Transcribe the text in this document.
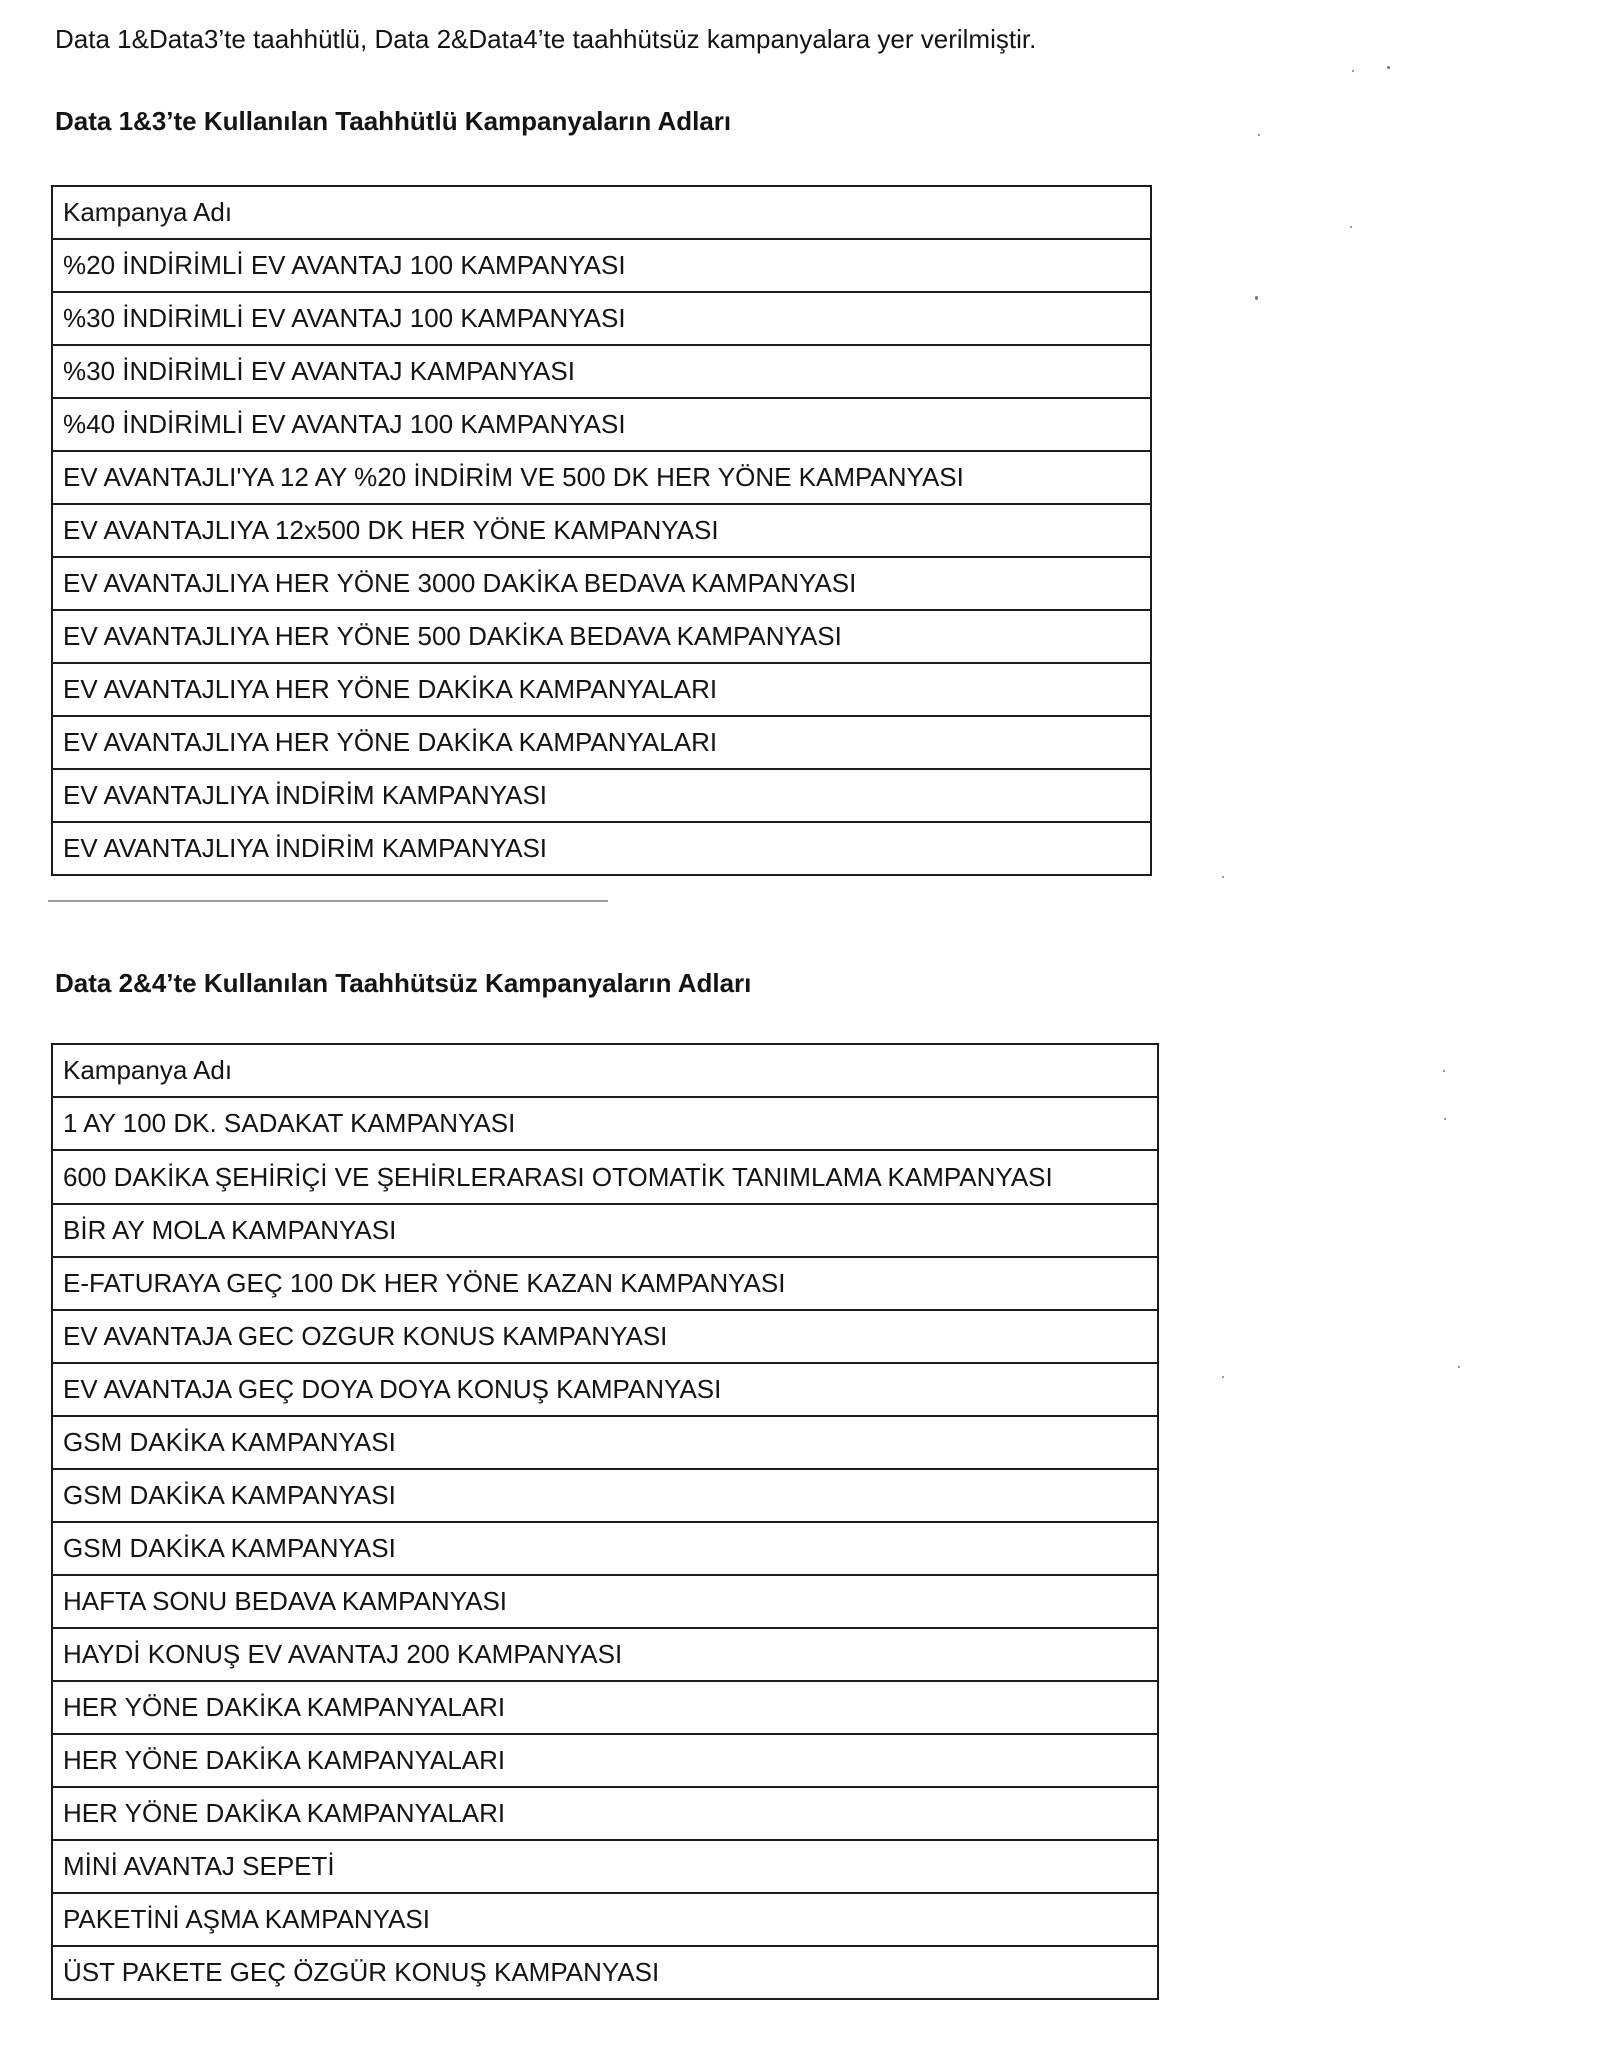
Data 1&Data3’te taahhütlü, Data 2&Data4’te taahhütsüz kampanyalara yer verilmiştir.
Data 1&3’te Kullanılan Taahhütlü Kampanyaların Adları
Kampanya Adı
%20 İNDİRİMLİ EV AVANTAJ 100 KAMPANYASI
%30 İNDİRİMLİ EV AVANTAJ 100 KAMPANYASI
%30 İNDİRİMLİ EV AVANTAJ KAMPANYASI
%40 İNDİRİMLİ EV AVANTAJ 100 KAMPANYASI
EV AVANTAJLI'YA 12 AY %20 İNDİRİM VE 500 DK HER YÖNE KAMPANYASI
EV AVANTAJLIYA 12x500 DK HER YÖNE KAMPANYASI
EV AVANTAJLIYA HER YÖNE 3000 DAKİKA BEDAVA KAMPANYASI
EV AVANTAJLIYA HER YÖNE 500 DAKİKA BEDAVA KAMPANYASI
EV AVANTAJLIYA HER YÖNE DAKİKA KAMPANYALARI
EV AVANTAJLIYA HER YÖNE DAKİKA KAMPANYALARI
EV AVANTAJLIYA İNDİRİM KAMPANYASI
EV AVANTAJLIYA İNDİRİM KAMPANYASI
Data 2&4’te Kullanılan Taahhütsüz Kampanyaların Adları
Kampanya Adı
1 AY 100 DK. SADAKAT KAMPANYASI
600 DAKİKA ŞEHİRİÇİ VE ŞEHİRLERARASI OTOMATİK TANIMLAMA KAMPANYASI
BİR AY MOLA KAMPANYASI
E-FATURAYA GEÇ 100 DK HER YÖNE KAZAN KAMPANYASI
EV AVANTAJA GEC OZGUR KONUS KAMPANYASI
EV AVANTAJA GEÇ DOYA DOYA KONUŞ KAMPANYASI
GSM DAKİKA KAMPANYASI
GSM DAKİKA KAMPANYASI
GSM DAKİKA KAMPANYASI
HAFTA SONU BEDAVA KAMPANYASI
HAYDİ KONUŞ EV AVANTAJ 200 KAMPANYASI
HER YÖNE DAKİKA KAMPANYALARI
HER YÖNE DAKİKA KAMPANYALARI
HER YÖNE DAKİKA KAMPANYALARI
MİNİ AVANTAJ SEPETİ
PAKETİNİ AŞMA KAMPANYASI
ÜST PAKETE GEÇ ÖZGÜR KONUŞ KAMPANYASI
